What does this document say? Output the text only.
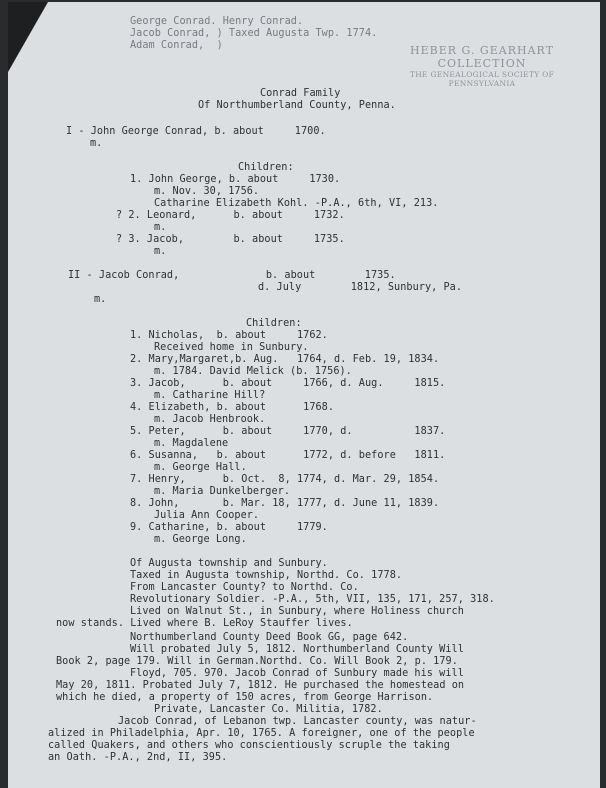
HEBER G. GEARHART
COLLECTION
THE GENEALOGICAL SOCIETY OF PENNSYLVANIA
George Conrad. Henry Conrad.
Jacob Conrad, ) Taxed Augusta Twp. 1774.
Adam Conrad,  )
Conrad Family
Of Northumberland County, Penna.
I - John George Conrad, b. about     1700.
m.
Children:
1. John George, b. about     1730.
m. Nov. 30, 1756.
Catharine Elizabeth Kohl. -P.A., 6th, VI, 213.
? 2. Leonard,      b. about     1732.
m.
? 3. Jacob,        b. about     1735.
m.
II - Jacob Conrad,              b. about        1735.
d. July        1812, Sunbury, Pa.
m.
Children:
1. Nicholas,  b. about     1762.
Received home in Sunbury.
2. Mary,Margaret,b. Aug.   1764, d. Feb. 19, 1834.
m. 1784. David Melick (b. 1756).
3. Jacob,      b. about     1766, d. Aug.     1815.
m. Catharine Hill?
4. Elizabeth, b. about      1768.
m. Jacob Henbrook.
5. Peter,      b. about     1770, d.          1837.
m. Magdalene
6. Susanna,   b. about      1772, d. before   1811.
m. George Hall.
7. Henry,      b. Oct.  8, 1774, d. Mar. 29, 1854.
m. Maria Dunkelberger.
8. John,       b. Mar. 18, 1777, d. June 11, 1839.
Julia Ann Cooper.
9. Catharine, b. about     1779.
m. George Long.
Of Augusta township and Sunbury.
Taxed in Augusta township, Northd. Co. 1778.
From Lancaster County? to Northd. Co.
Revolutionary Soldier. -P.A., 5th, VII, 135, 171, 257, 318.
Lived on Walnut St., in Sunbury, where Holiness church
now stands. Lived where B. LeRoy Stauffer lives.
Northumberland County Deed Book GG, page 642.
Will probated July 5, 1812. Northumberland County Will
Book 2, page 179. Will in German.Northd. Co. Will Book 2, p. 179.
Floyd, 705. 970. Jacob Conrad of Sunbury made his will
May 20, 1811. Probated July 7, 1812. He purchased the homestead on
which he died, a property of 150 acres, from George Harrison.
Private, Lancaster Co. Militia, 1782.
Jacob Conrad, of Lebanon twp. Lancaster county, was natur-
alized in Philadelphia, Apr. 10, 1765. A foreigner, one of the people
called Quakers, and others who conscientiously scruple the taking
an Oath. -P.A., 2nd, II, 395.
